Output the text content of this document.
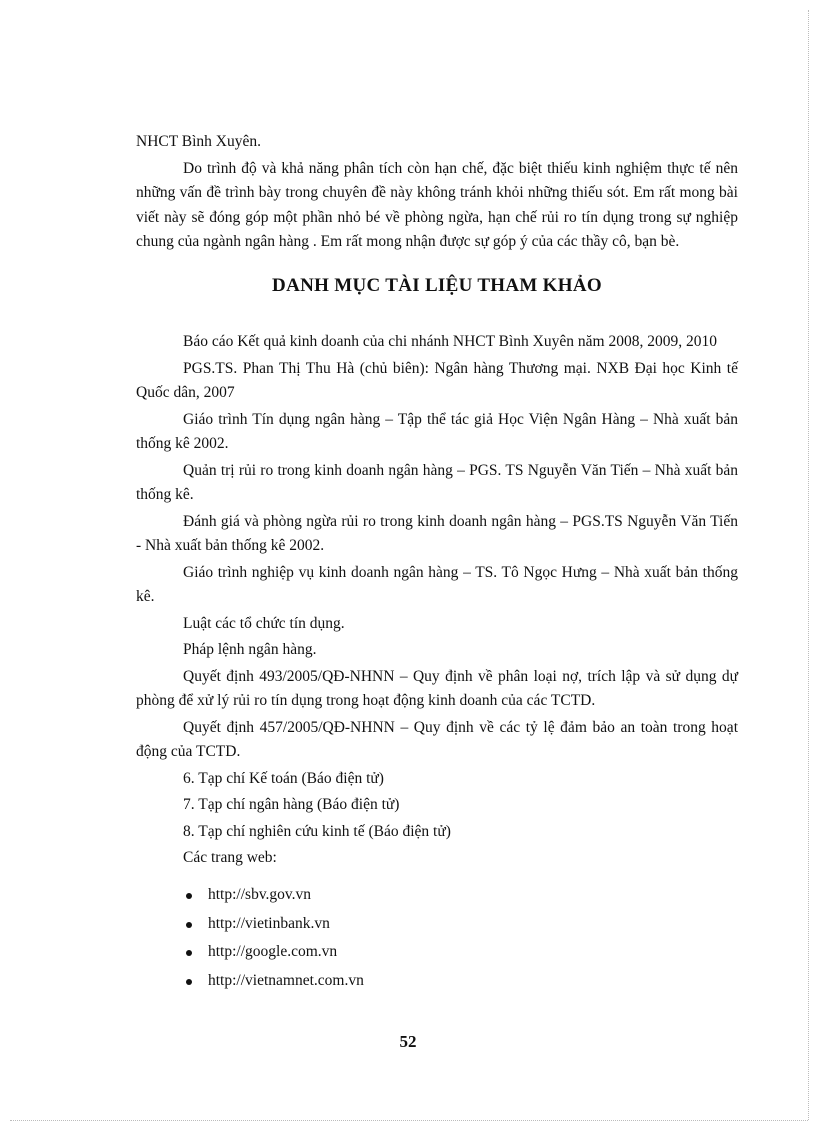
NHCT Bình Xuyên.

Do trình độ và khả năng phân tích còn hạn chế, đặc biệt thiếu kinh nghiệm thực tế nên những vấn đề trình bày trong chuyên đề này không tránh khỏi những thiếu sót. Em rất mong bài viết này sẽ đóng góp một phần nhỏ bé về phòng ngừa, hạn chế rủi ro tín dụng trong sự nghiệp chung của ngành ngân hàng . Em rất mong nhận được sự góp ý của các thầy cô, bạn bè.

DANH MỤC TÀI LIỆU THAM KHẢO

Báo cáo Kết quả kinh doanh của chi nhánh NHCT Bình Xuyên năm 2008, 2009, 2010

PGS.TS. Phan Thị Thu Hà (chủ biên): Ngân hàng Thương mại. NXB Đại học Kinh tế Quốc dân, 2007

Giáo trình Tín dụng ngân hàng – Tập thể tác giả Học Viện Ngân Hàng – Nhà xuất bản thống kê 2002.

Quản trị rủi ro trong kinh doanh ngân hàng – PGS. TS Nguyễn Văn Tiến – Nhà xuất bản thống kê.

Đánh giá và phòng ngừa rủi ro trong kinh doanh ngân hàng – PGS.TS Nguyễn Văn Tiến - Nhà xuất bản thống kê 2002.

Giáo trình nghiệp vụ kinh doanh ngân hàng – TS. Tô Ngọc Hưng – Nhà xuất bản thống kê.

Luật các tổ chức tín dụng.

Pháp lệnh ngân hàng.

Quyết định 493/2005/QĐ-NHNN – Quy định về phân loại nợ, trích lập và sử dụng dự phòng để xử lý rủi ro tín dụng trong hoạt động kinh doanh của các TCTD.

Quyết định 457/2005/QĐ-NHNN – Quy định về các tỷ lệ đảm bảo an toàn trong hoạt động của TCTD.

6. Tạp chí Kế toán (Báo điện tử)

7. Tạp chí ngân hàng (Báo điện tử)

8. Tạp chí nghiên cứu kinh tế (Báo điện tử)

Các trang web:

http://sbv.gov.vn
http://vietinbank.vn
http://google.com.vn
http://vietnamnet.com.vn
52
